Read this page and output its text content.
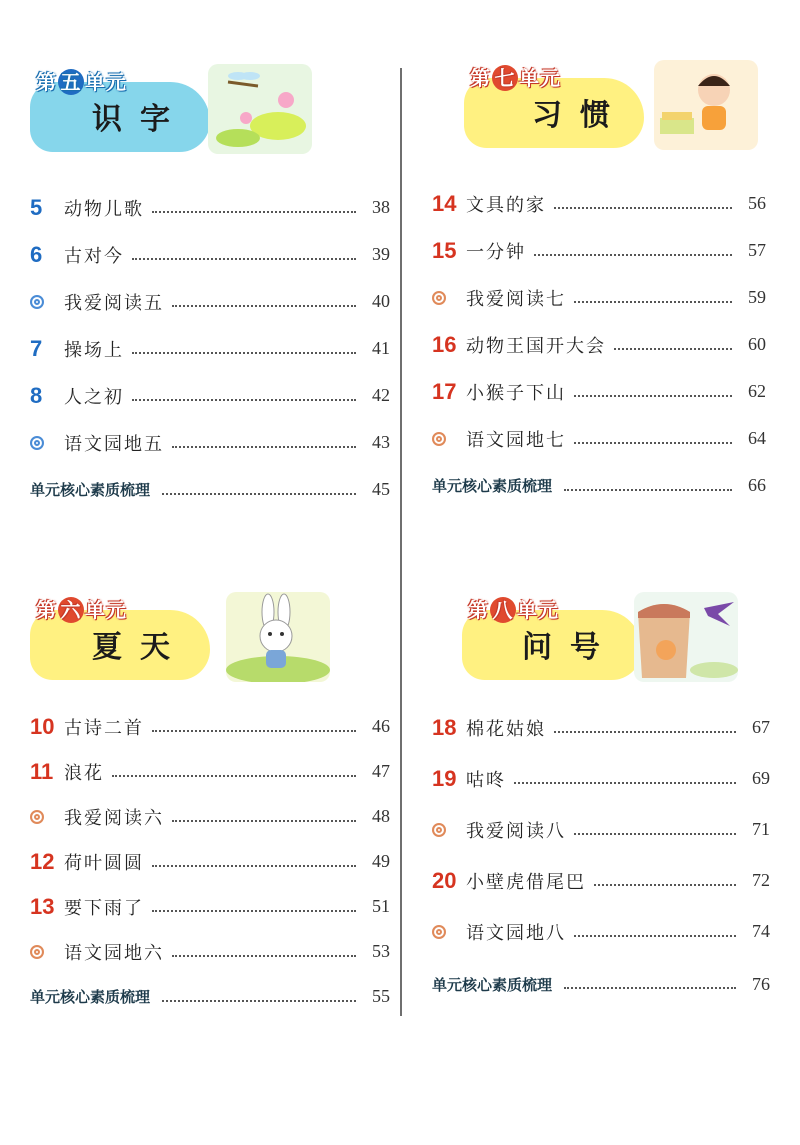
第 五 单元
识字
5	动物儿歌	38
6	古对今	39
我爱阅读五	40
7	操场上	41
8	人之初	42
语文园地五	43
单元核心素质梳理	45
第 七 单元
习惯
14 文具的家	56
15 一分钟	57
我爱阅读七	59
16 动物王国开大会	60
17 小猴子下山	62
语文园地七	64
单元核心素质梳理	66
第 六 单元
夏天
10 古诗二首	46
11 浪花	47
我爱阅读六	48
12 荷叶圆圆	49
13 要下雨了	51
语文园地六	53
单元核心素质梳理	55
第 八 单元
问号
18 棉花姑娘	67
19 咕咚	69
我爱阅读八	71
20 小壁虎借尾巴	72
语文园地八	74
单元核心素质梳理	76
